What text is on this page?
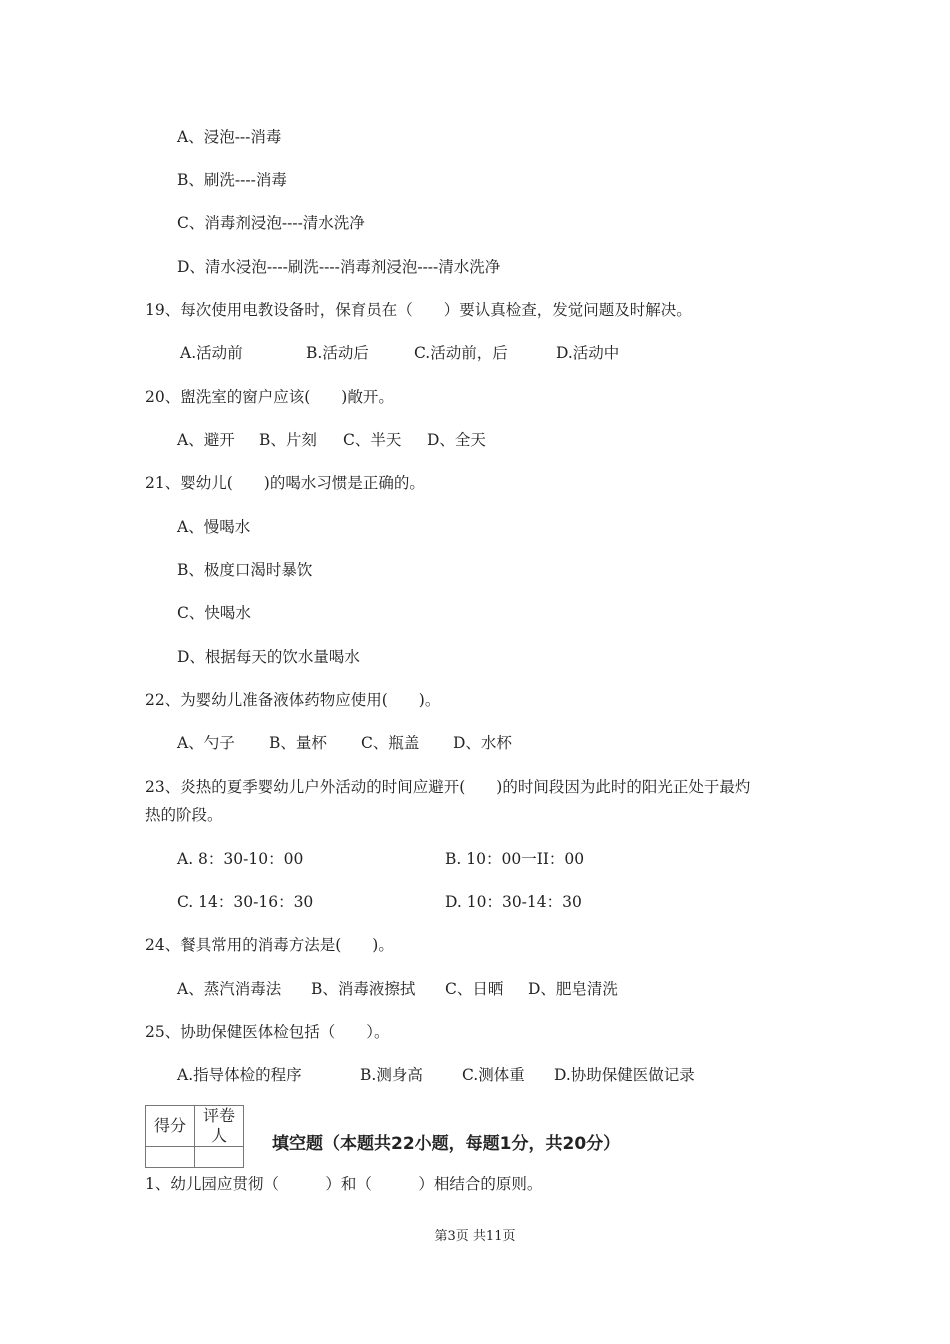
A、浸泡---消毒
B、刷洗----消毒
C、消毒剂浸泡----清水洗净
D、清水浸泡----刷洗----消毒剂浸泡----清水洗净
19、每次使用电教设备时，保育员在（　　）要认真检查，发觉问题及时解决。
A.活动前	B.活动后	C.活动前，后	D.活动中
20、盥洗室的窗户应该(　　)敞开。
A、避开 B、片刻 C、半天 D、全天
21、婴幼儿(　　)的喝水习惯是正确的。
A、慢喝水
B、极度口渴时暴饮
C、快喝水
D、根据每天的饮水量喝水
22、为婴幼儿准备液体药物应使用(　　)。
A、勺子 B、量杯 C、瓶盖 D、水杯
23、炎热的夏季婴幼儿户外活动的时间应避开(　　)的时间段因为此时的阳光正处于最灼
热的阶段。
A. 8：30-10：00	B. 10：00一II：00
C. 14：30-16：30	D. 10：30-14：30
24、餐具常用的消毒方法是(　　)。
A、蒸汽消毒法 B、消毒液擦拭 C、日晒 D、肥皂清洗
25、协助保健医体检包括（　　）。
A.指导体检的程序	B.测身高	C.测体重 D.协助保健医做记录
得分	评卷人
		填空题（本题共22小题，每题1分，共20分）
1、幼儿园应贯彻（　　　）和（　　　）相结合的原则。
第3页 共11页
